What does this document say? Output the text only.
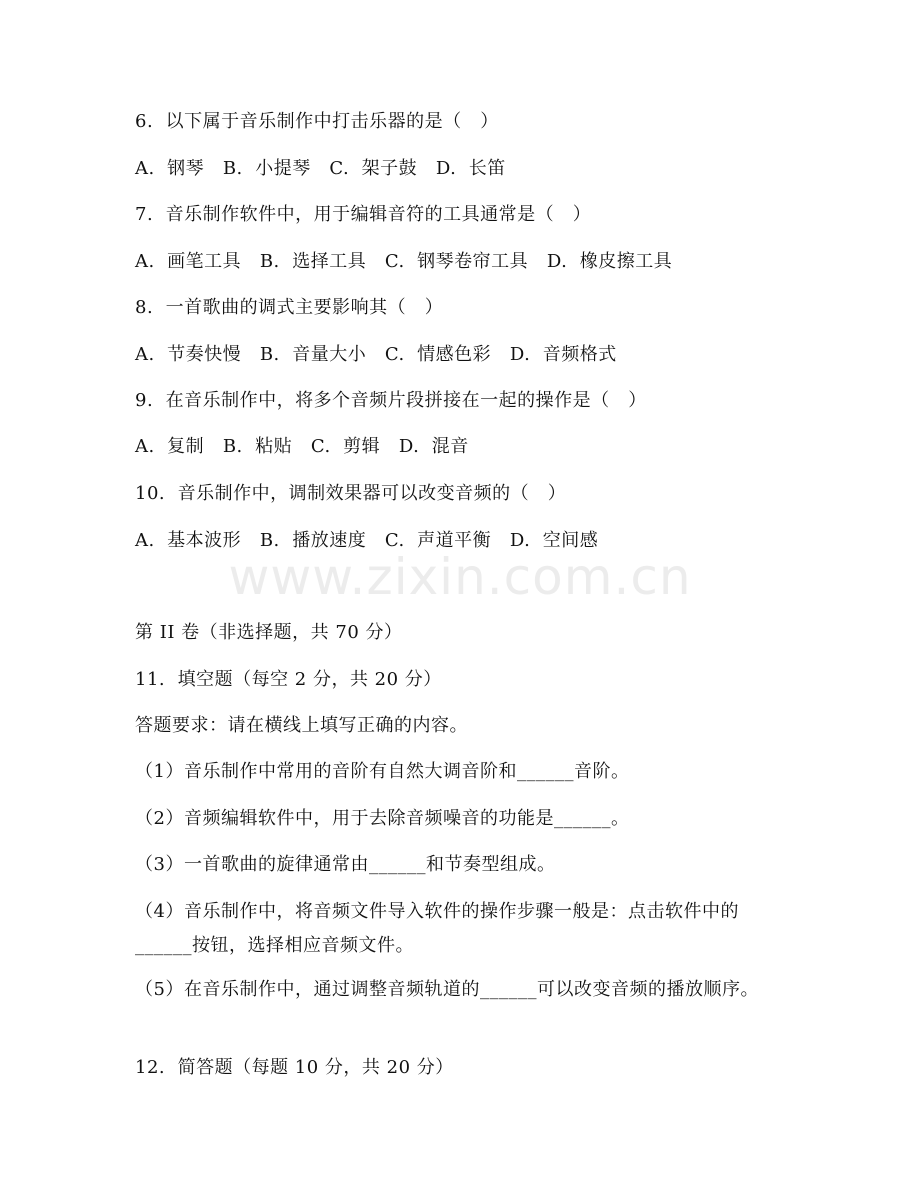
6.  以下属于音乐制作中打击乐器的是（   ）
A.  钢琴   B.  小提琴   C.  架子鼓   D.  长笛
7.  音乐制作软件中，用于编辑音符的工具通常是（   ）
A.  画笔工具   B.  选择工具   C.  钢琴卷帘工具   D.  橡皮擦工具
8.  一首歌曲的调式主要影响其（   ）
A.  节奏快慢   B.  音量大小   C.  情感色彩   D.  音频格式
9.  在音乐制作中，将多个音频片段拼接在一起的操作是（   ）
A.  复制   B.  粘贴   C.  剪辑   D.  混音
10.  音乐制作中，调制效果器可以改变音频的（   ）
A.  基本波形   B.  播放速度   C.  声道平衡   D.  空间感
www.zixin.com.cn
第 II 卷（非选择题，共 70 分）
11.  填空题（每空 2 分，共 20 分）
答题要求：请在横线上填写正确的内容。
（1）音乐制作中常用的音阶有自然大调音阶和______音阶。
（2）音频编辑软件中，用于去除音频噪音的功能是______。
（3）一首歌曲的旋律通常由______和节奏型组成。
（4）音乐制作中，将音频文件导入软件的操作步骤一般是：点击软件中的______按钮，选择相应音频文件。
（5）在音乐制作中，通过调整音频轨道的______可以改变音频的播放顺序。
12.  简答题（每题 10 分，共 20 分）
